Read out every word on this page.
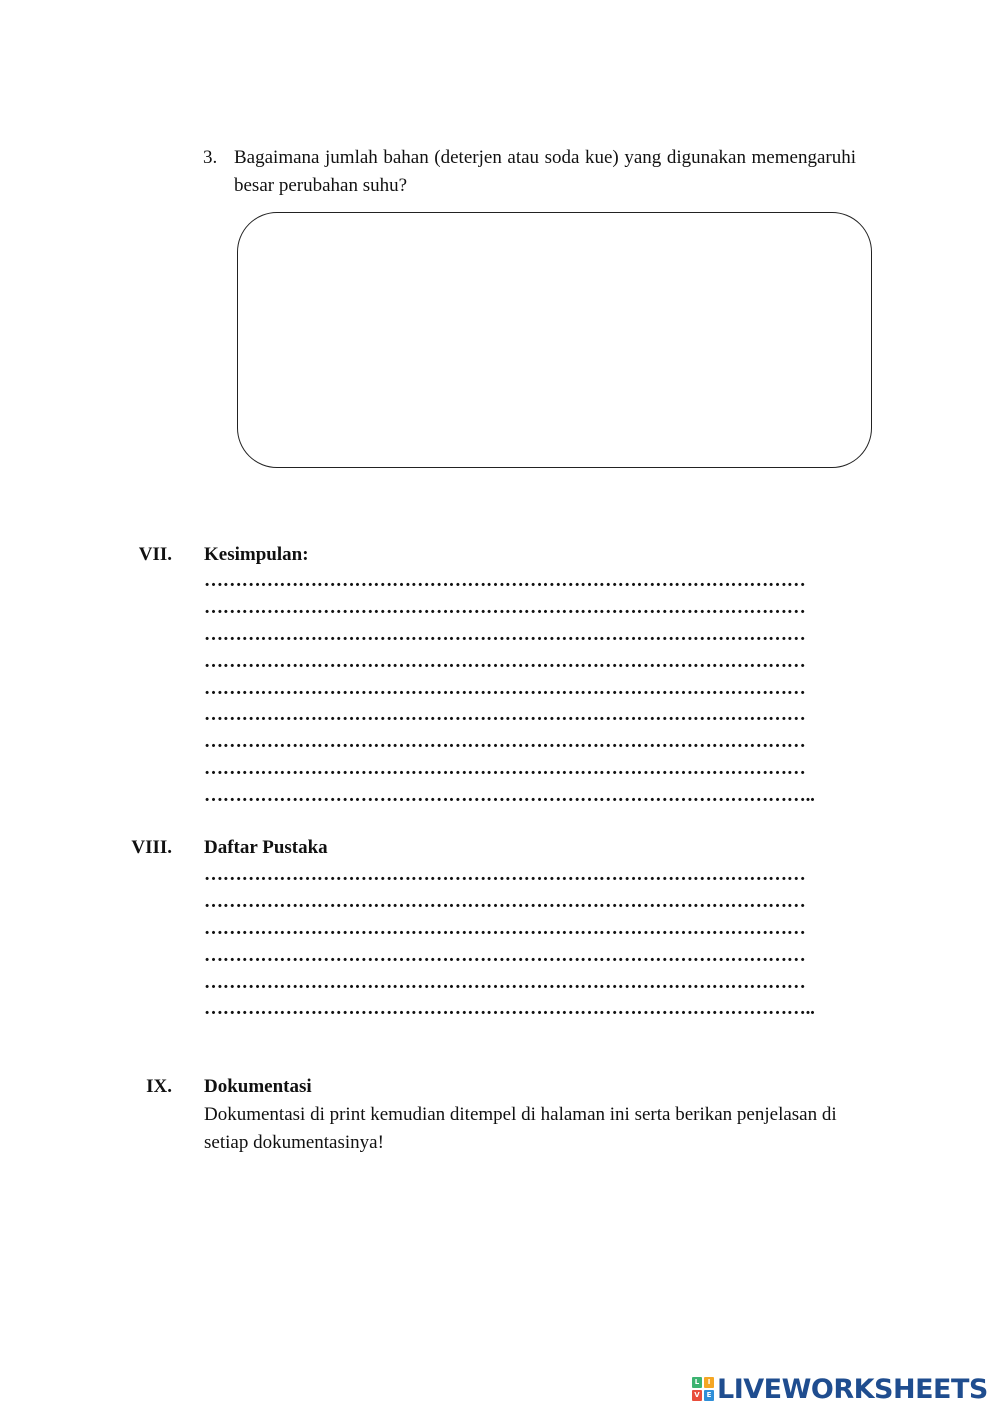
3. Bagaimana jumlah bahan (deterjen atau soda kue) yang digunakan memengaruhi besar perubahan suhu?
VII. Kesimpulan:
……………………………………………………………………………………
……………………………………………………………………………………
……………………………………………………………………………………
……………………………………………………………………………………
……………………………………………………………………………………
……………………………………………………………………………………
……………………………………………………………………………………
……………………………………………………………………………………
……………………………………………………………………………………..
VIII. Daftar Pustaka
……………………………………………………………………………………
……………………………………………………………………………………
……………………………………………………………………………………
……………………………………………………………………………………
……………………………………………………………………………………
……………………………………………………………………………………..
IX. Dokumentasi
Dokumentasi di print kemudian ditempel di halaman ini serta berikan penjelasan di setiap dokumentasinya!
L	I
V E LIVEWORKSHEETS
